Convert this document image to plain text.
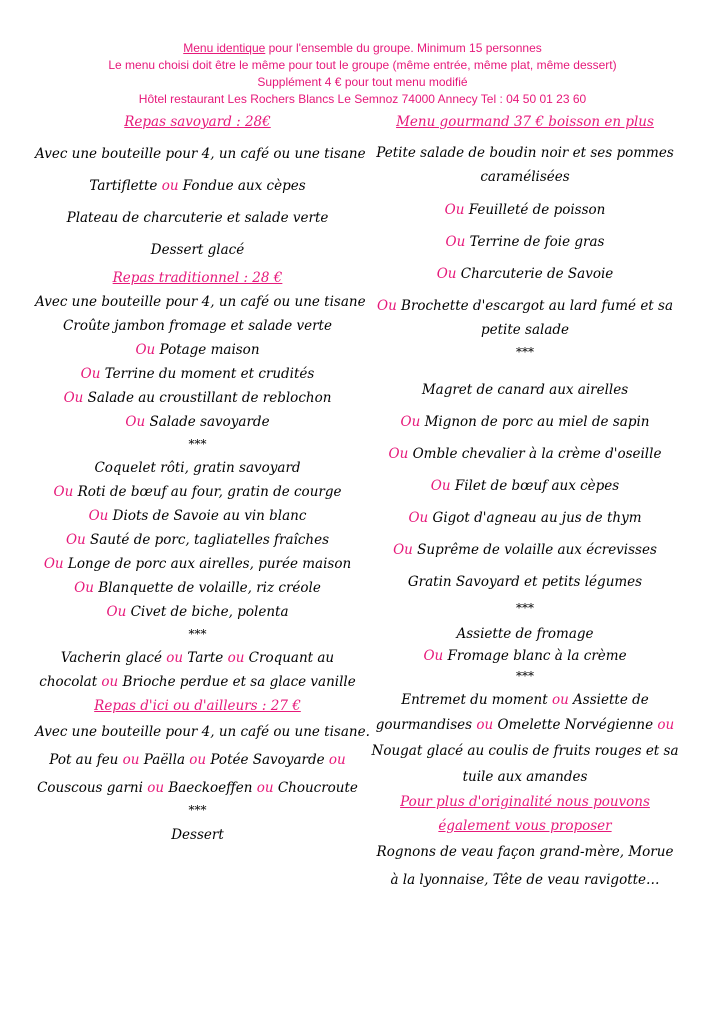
Menu identique pour l'ensemble du groupe. Minimum 15 personnes
Le menu choisi doit être le même pour tout le groupe (même entrée, même plat, même dessert)
Supplément 4 € pour tout menu modifié
Hôtel restaurant Les Rochers Blancs Le Semnoz 74000 Annecy Tel : 04 50 01 23 60
Repas savoyard : 28€
Avec une bouteille pour 4, un café ou une tisane
Tartiflette ou Fondue aux cèpes
Plateau de charcuterie et salade verte
Dessert glacé
Repas traditionnel : 28 €
Avec une bouteille pour 4, un café ou une tisane
Croûte jambon fromage et salade verte
Ou Potage maison
Ou Terrine du moment et crudités
Ou Salade au croustillant de reblochon
Ou Salade savoyarde
***
Coquelet rôti, gratin savoyard
Ou Roti de bœuf au four, gratin de courge
Ou Diots de Savoie au vin blanc
Ou Sauté de porc, tagliatelles fraîches
Ou Longe de porc aux airelles, purée maison
Ou Blanquette de volaille, riz créole
Ou Civet de biche, polenta
***
Vacherin glacé ou Tarte ou Croquant au
chocolat ou Brioche perdue et sa glace vanille
Repas d'ici ou d'ailleurs : 27 €
Avec une bouteille pour 4, un café ou une tisane.
Pot au feu ou Paëlla ou Potée Savoyarde ou
Couscous garni ou Baeckoeffen ou Choucroute
***
Dessert
Menu gourmand 37 € boisson en plus
Petite salade de boudin noir et ses pommes
caramélisées
Ou Feuilleté de poisson
Ou Terrine de foie gras
Ou Charcuterie de Savoie
Ou Brochette d'escargot au lard fumé et sa
petite salade
***
Magret de canard aux airelles
Ou Mignon de porc au miel de sapin
Ou Omble chevalier à la crème d'oseille
Ou Filet de bœuf aux cèpes
Ou Gigot d'agneau au jus de thym
Ou Suprême de volaille aux écrevisses
Gratin Savoyard et petits légumes
***
Assiette de fromage
Ou Fromage blanc à la crème
***
Entremet du moment ou Assiette de
gourmandises ou Omelette Norvégienne ou
Nougat glacé au coulis de fruits rouges et sa
tuile aux amandes
Pour plus d'originalité nous pouvons
également vous proposer
Rognons de veau façon grand-mère, Morue
à la lyonnaise, Tête de veau ravigotte…
